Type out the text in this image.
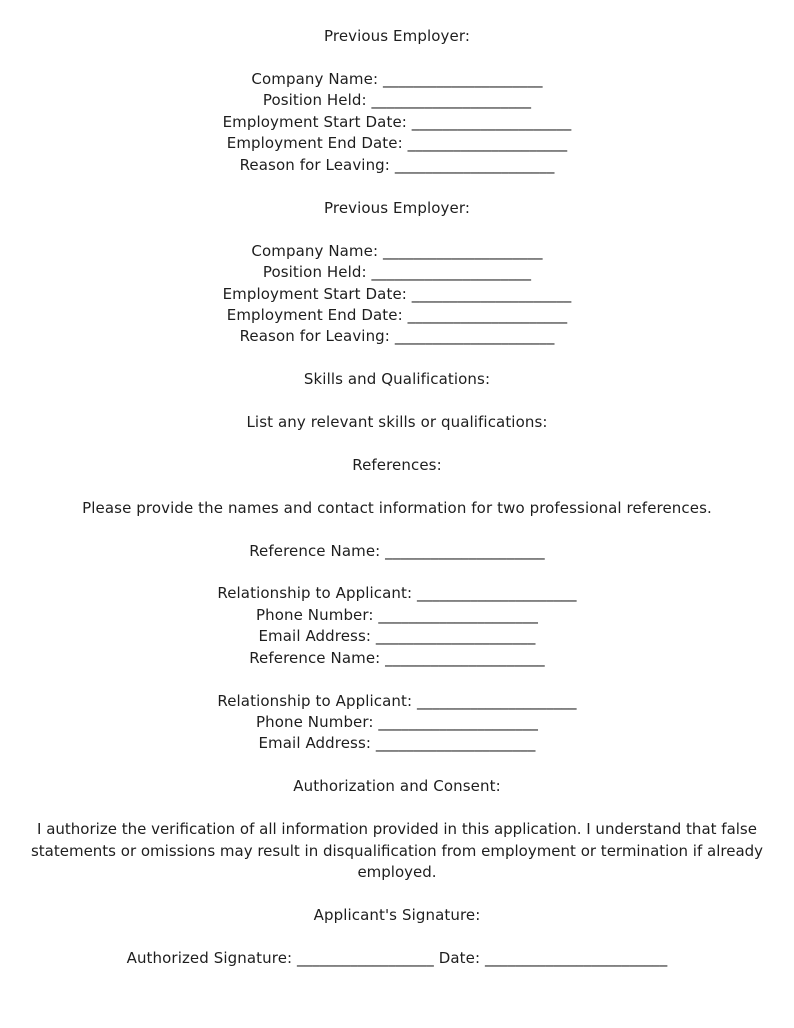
Previous Employer:
Company Name: _____________________
Position Held: _____________________
Employment Start Date: _____________________
Employment End Date: _____________________
Reason for Leaving: _____________________
Previous Employer:
Company Name: _____________________
Position Held: _____________________
Employment Start Date: _____________________
Employment End Date: _____________________
Reason for Leaving: _____________________
Skills and Qualifications:
List any relevant skills or qualifications:
References:
Please provide the names and contact information for two professional references.
Reference Name: _____________________
Relationship to Applicant: _____________________
Phone Number: _____________________
Email Address: _____________________
Reference Name: _____________________
Relationship to Applicant: _____________________
Phone Number: _____________________
Email Address: _____________________
Authorization and Consent:
I authorize the verification of all information provided in this application. I understand that false statements or omissions may result in disqualification from employment or termination if already employed.
Applicant's Signature:
Authorized Signature: __________________ Date: ________________________
